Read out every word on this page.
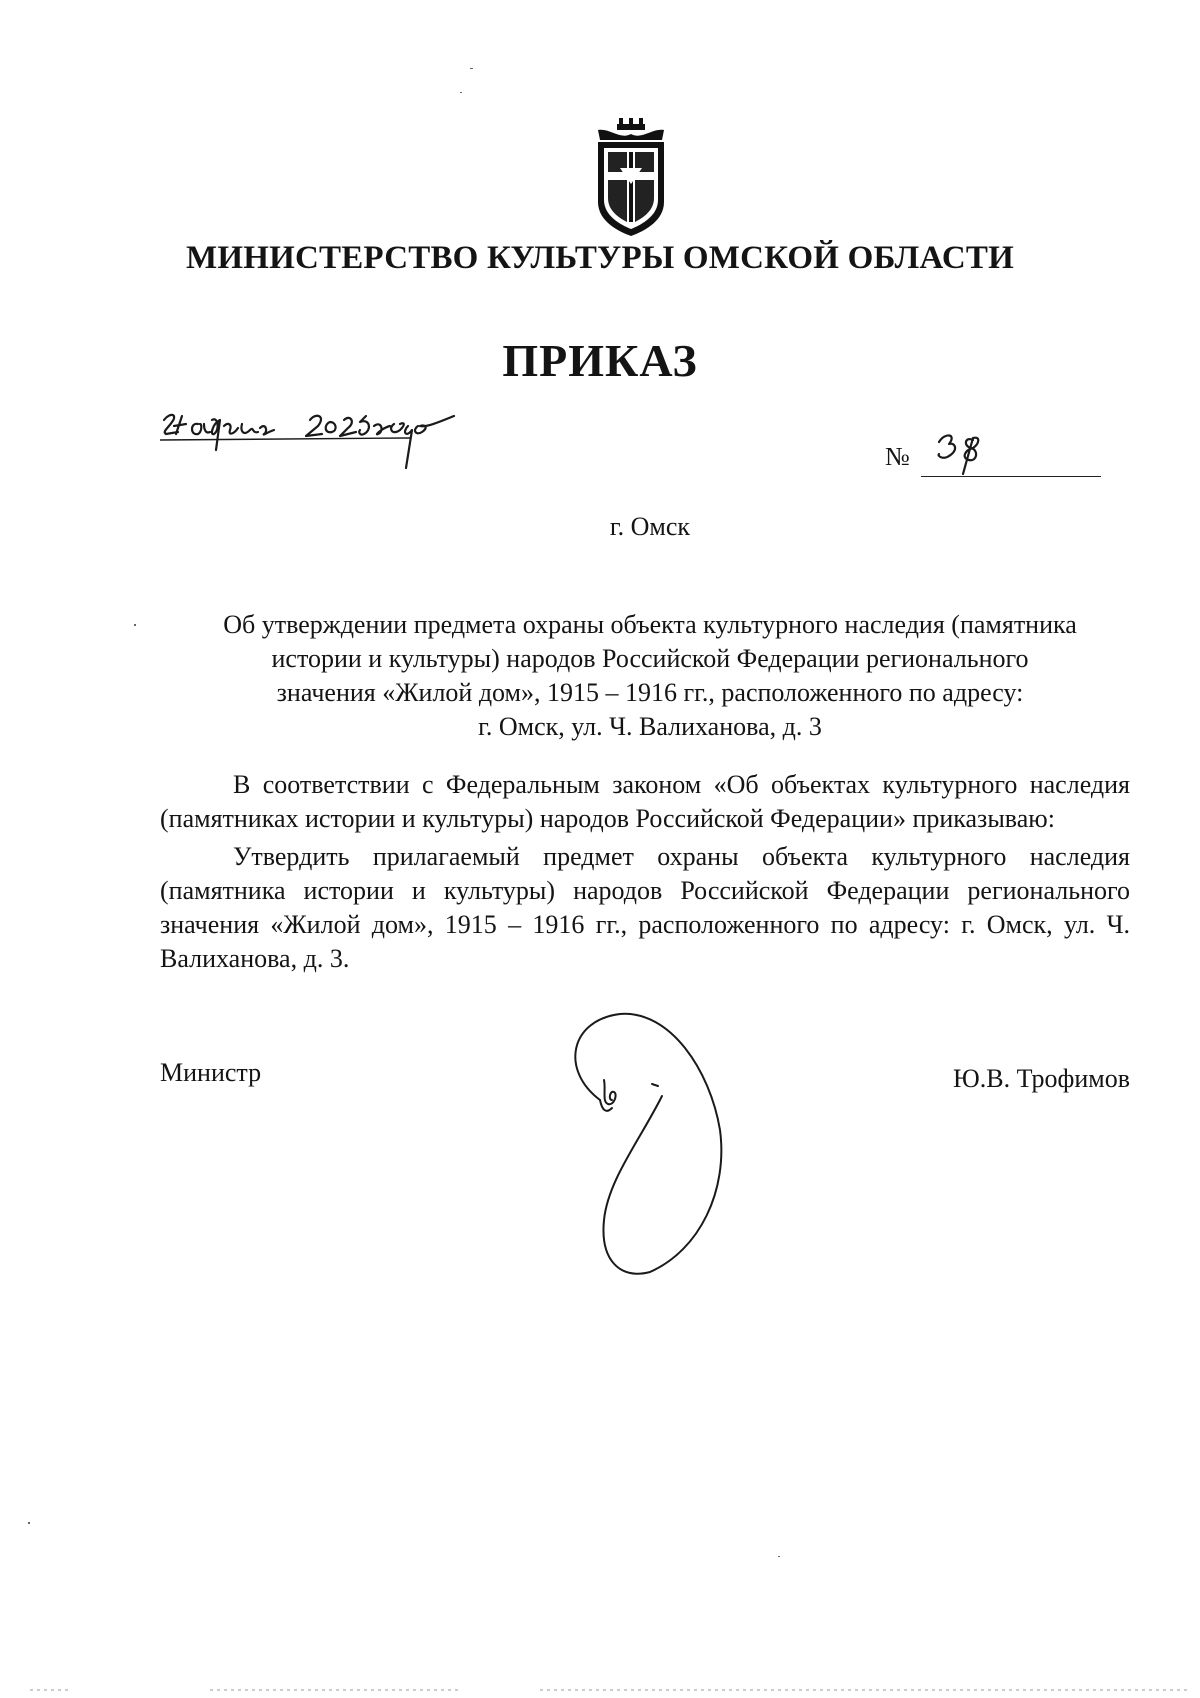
МИНИСТЕРСТВО КУЛЬТУРЫ ОМСКОЙ ОБЛАСТИ
ПРИКАЗ
№
г. Омск
Об утверждении предмета охраны объекта культурного наследия (памятника
истории и культуры) народов Российской Федерации регионального
значения «Жилой дом», 1915 – 1916 гг., расположенного по адресу:
г. Омск, ул. Ч. Валиханова, д. 3

В соответствии с Федеральным законом «Об объектах культурного наследия (памятниках истории и культуры) народов Российской Федерации» приказываю:

Утвердить прилагаемый предмет охраны объекта культурного наследия (памятника истории и культуры) народов Российской Федерации регионального значения «Жилой дом», 1915 – 1916 гг., расположенного по адресу: г. Омск, ул. Ч. Валиханова, д. 3.

Министр	Ю.В. Трофимов
